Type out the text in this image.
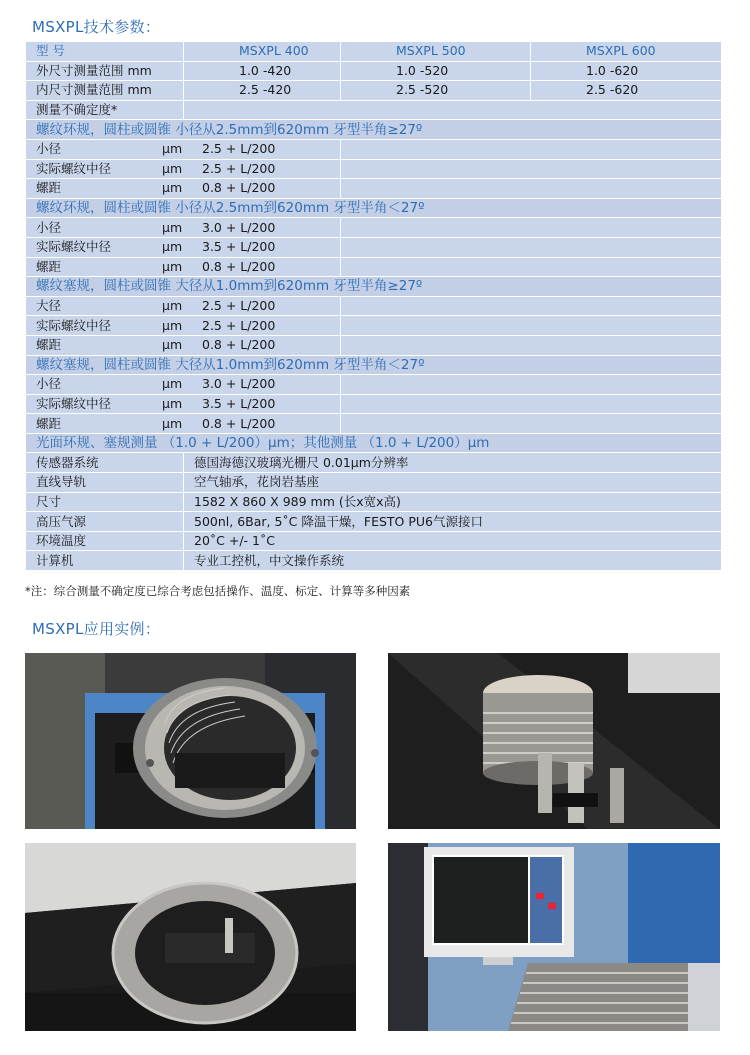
MSXPL技术参数：
型 号	MSXPL 400	MSXPL 500	MSXPL 600
外尺寸测量范围 mm	1.0 -420	1.0 -520	1.0 -620
内尺寸测量范围 mm	2.5 -420	2.5 -520	2.5 -620
测量不确定度*			
螺纹环规，圆柱或圆锥 小径从2.5mm到620mm 牙型半角≥27º			

小径 μm 2.5 + L/200			

实际螺纹中径 μm 2.5 + L/200			

螺距 μm 0.8 + L/200			

螺纹环规，圆柱或圆锥 小径从2.5mm到620mm 牙型半角＜27º			

小径 μm 3.0 + L/200			

实际螺纹中径 μm 3.5 + L/200			

螺距 μm 0.8 + L/200			

螺纹塞规，圆柱或圆锥 大径从1.0mm到620mm 牙型半角≥27º			

大径 μm 2.5 + L/200			

实际螺纹中径 μm 2.5 + L/200			

螺距 μm 0.8 + L/200			

螺纹塞规，圆柱或圆锥 大径从1.0mm到620mm 牙型半角＜27º			

小径 μm 3.0 + L/200			

实际螺纹中径 μm 3.5 + L/200			

螺距 μm 0.8 + L/200			

光面环规、塞规测量 （1.0 + L/200）μm；其他测量 （1.0 + L/200）μm			
传感器系统	德国海德汉玻璃光栅尺 0.01μm分辨率		
直线导轨	空气轴承，花岗岩基座		
尺寸	1582 X 860 X 989 mm (长x宽x高)		
高压气源	500nl, 6Bar, 5˚C 降温干燥，FESTO PU6气源接口		
环境温度	20˚C +/- 1˚C		
计算机	专业工控机，中文操作系统		
*注：综合测量不确定度已综合考虑包括操作、温度、标定、计算等多种因素
MSXPL应用实例：
